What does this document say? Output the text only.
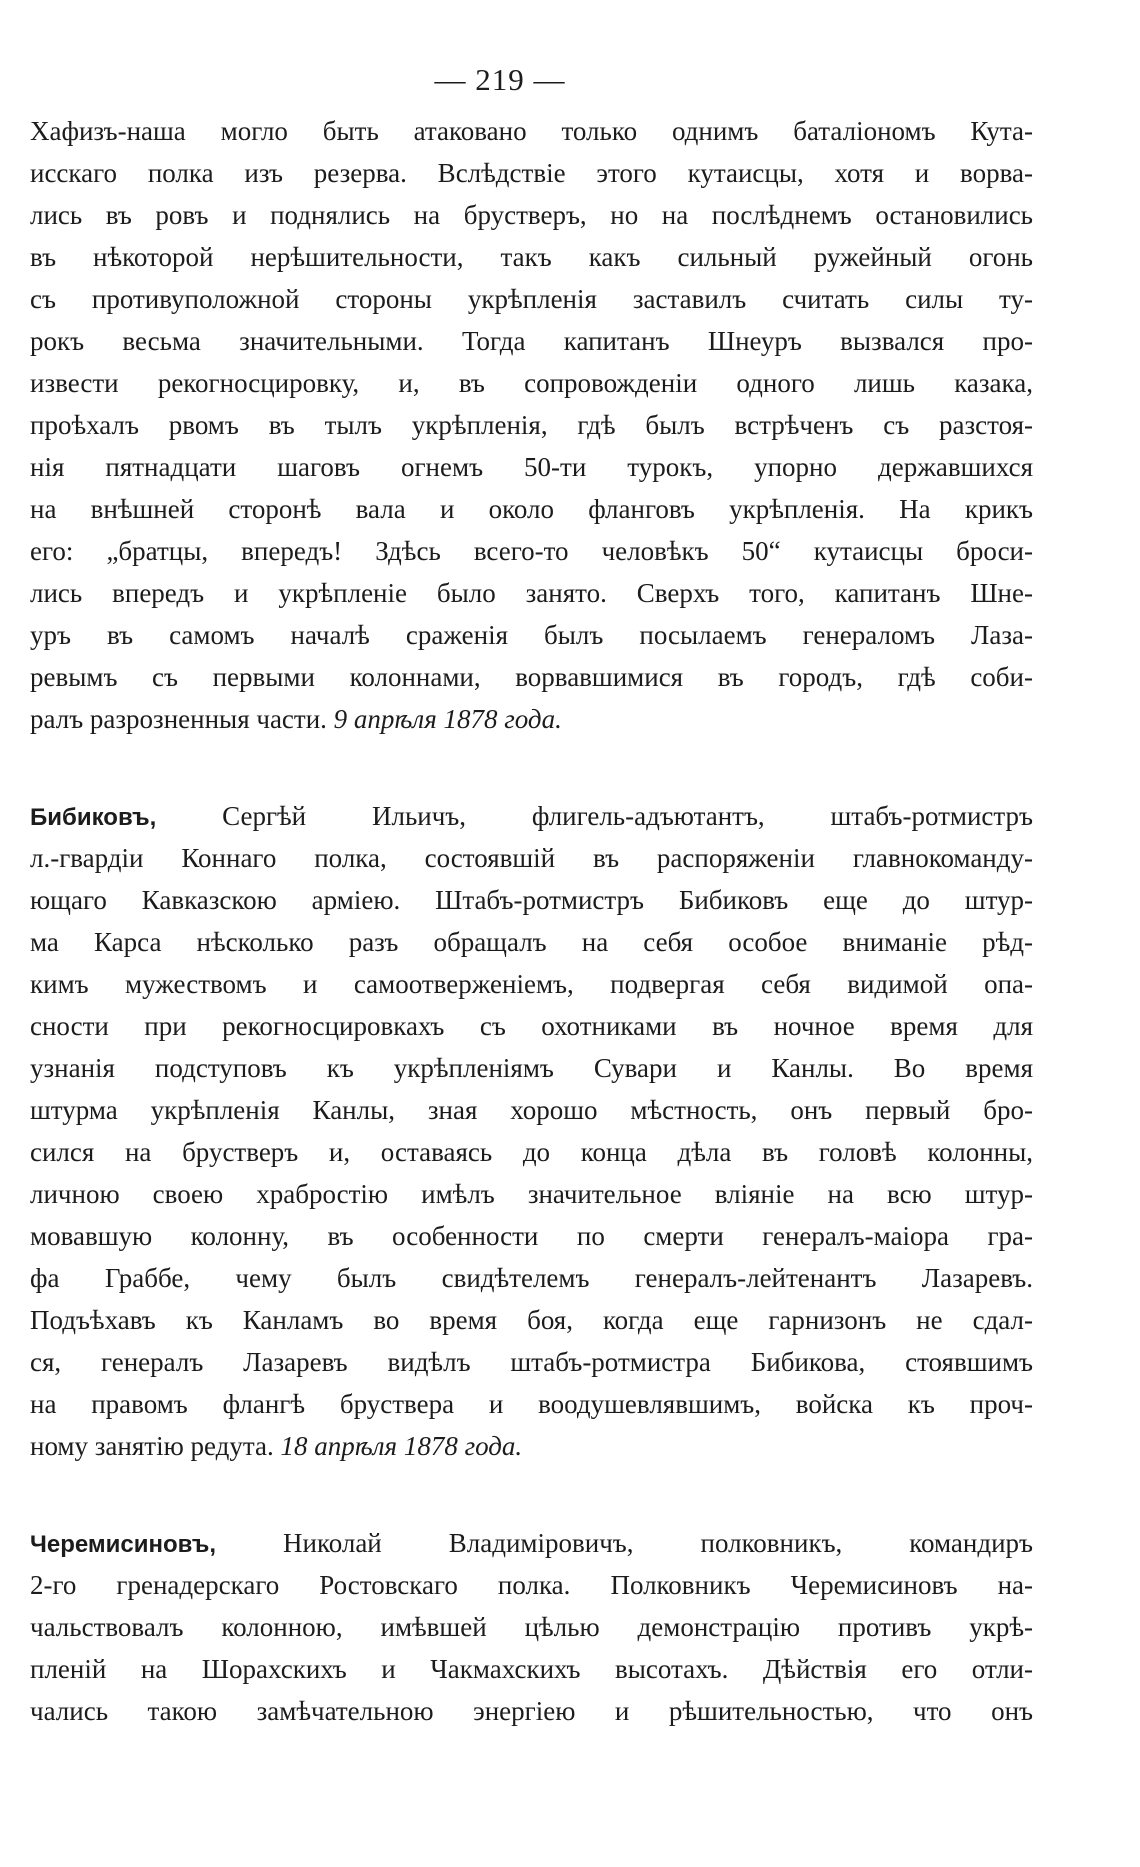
— 219 —
Хафизъ-наша могло быть атаковано только однимъ баталіономъ Кута-
исскаго полка изъ резерва. Вслѣдствіе этого кутаисцы, хотя и ворва-
лись въ ровъ и поднялись на брустверъ, но на послѣднемъ остановились
въ нѣкоторой нерѣшительности, такъ какъ сильный ружейный огонь
съ противуположной стороны укрѣпленія заставилъ считать силы ту-
рокъ весьма значительными. Тогда капитанъ Шнеуръ вызвался про-
извести рекогносцировку, и, въ сопровожденіи одного лишь казака,
проѣхалъ рвомъ въ тылъ укрѣпленія, гдѣ былъ встрѣченъ съ разстоя-
нія пятнадцати шаговъ огнемъ 50-ти турокъ, упорно державшихся
на внѣшней сторонѣ вала и около фланговъ укрѣпленія. На крикъ
его: „братцы, впередъ! Здѣсь всего-то человѣкъ 50“ кутаисцы броси-
лись впередъ и укрѣпленіе было занято. Сверхъ того, капитанъ Шне-
уръ въ самомъ началѣ сраженія былъ посылаемъ генераломъ Лаза-
ревымъ съ первыми колоннами, ворвавшимися въ городъ, гдѣ соби-
ралъ разрозненныя части. 9 апрѣля 1878 года.
Бибиковъ, Сергѣй Ильичъ, флигель-адъютантъ, штабъ-ротмистръ
л.-гвардіи Коннаго полка, состоявшій въ распоряженіи главнокоманду-
ющаго Кавказскою арміею. Штабъ-ротмистръ Бибиковъ еще до штур-
ма Карса нѣсколько разъ обращалъ на себя особое вниманіе рѣд-
кимъ мужествомъ и самоотверженіемъ, подвергая себя видимой опа-
сности при рекогносцировкахъ съ охотниками въ ночное время для
узнанія подступовъ къ укрѣпленіямъ Сувари и Канлы. Во время
штурма укрѣпленія Канлы, зная хорошо мѣстность, онъ первый бро-
сился на брустверъ и, оставаясь до конца дѣла въ головѣ колонны,
личною своею храбростію имѣлъ значительное вліяніе на всю штур-
мовавшую колонну, въ особенности по смерти генералъ-маіора гра-
фа Граббе, чему былъ свидѣтелемъ генералъ-лейтенантъ Лазаревъ.
Подъѣхавъ къ Канламъ во время боя, когда еще гарнизонъ не сдал-
ся, генералъ Лазаревъ видѣлъ штабъ-ротмистра Бибикова, стоявшимъ
на правомъ флангѣ бруствера и воодушевлявшимъ, войска къ проч-
ному занятію редута. 18 апрѣля 1878 года.
Черемисиновъ, Николай Владиміровичъ, полковникъ, командиръ
2-го гренадерскаго Ростовскаго полка. Полковникъ Черемисиновъ на-
чальствовалъ колонною, имѣвшей цѣлью демонстрацію противъ укрѣ-
пленій на Шорахскихъ и Чакмахскихъ высотахъ. Дѣйствія его отли-
чались такою замѣчательною энергіею и рѣшительностью, что онъ
